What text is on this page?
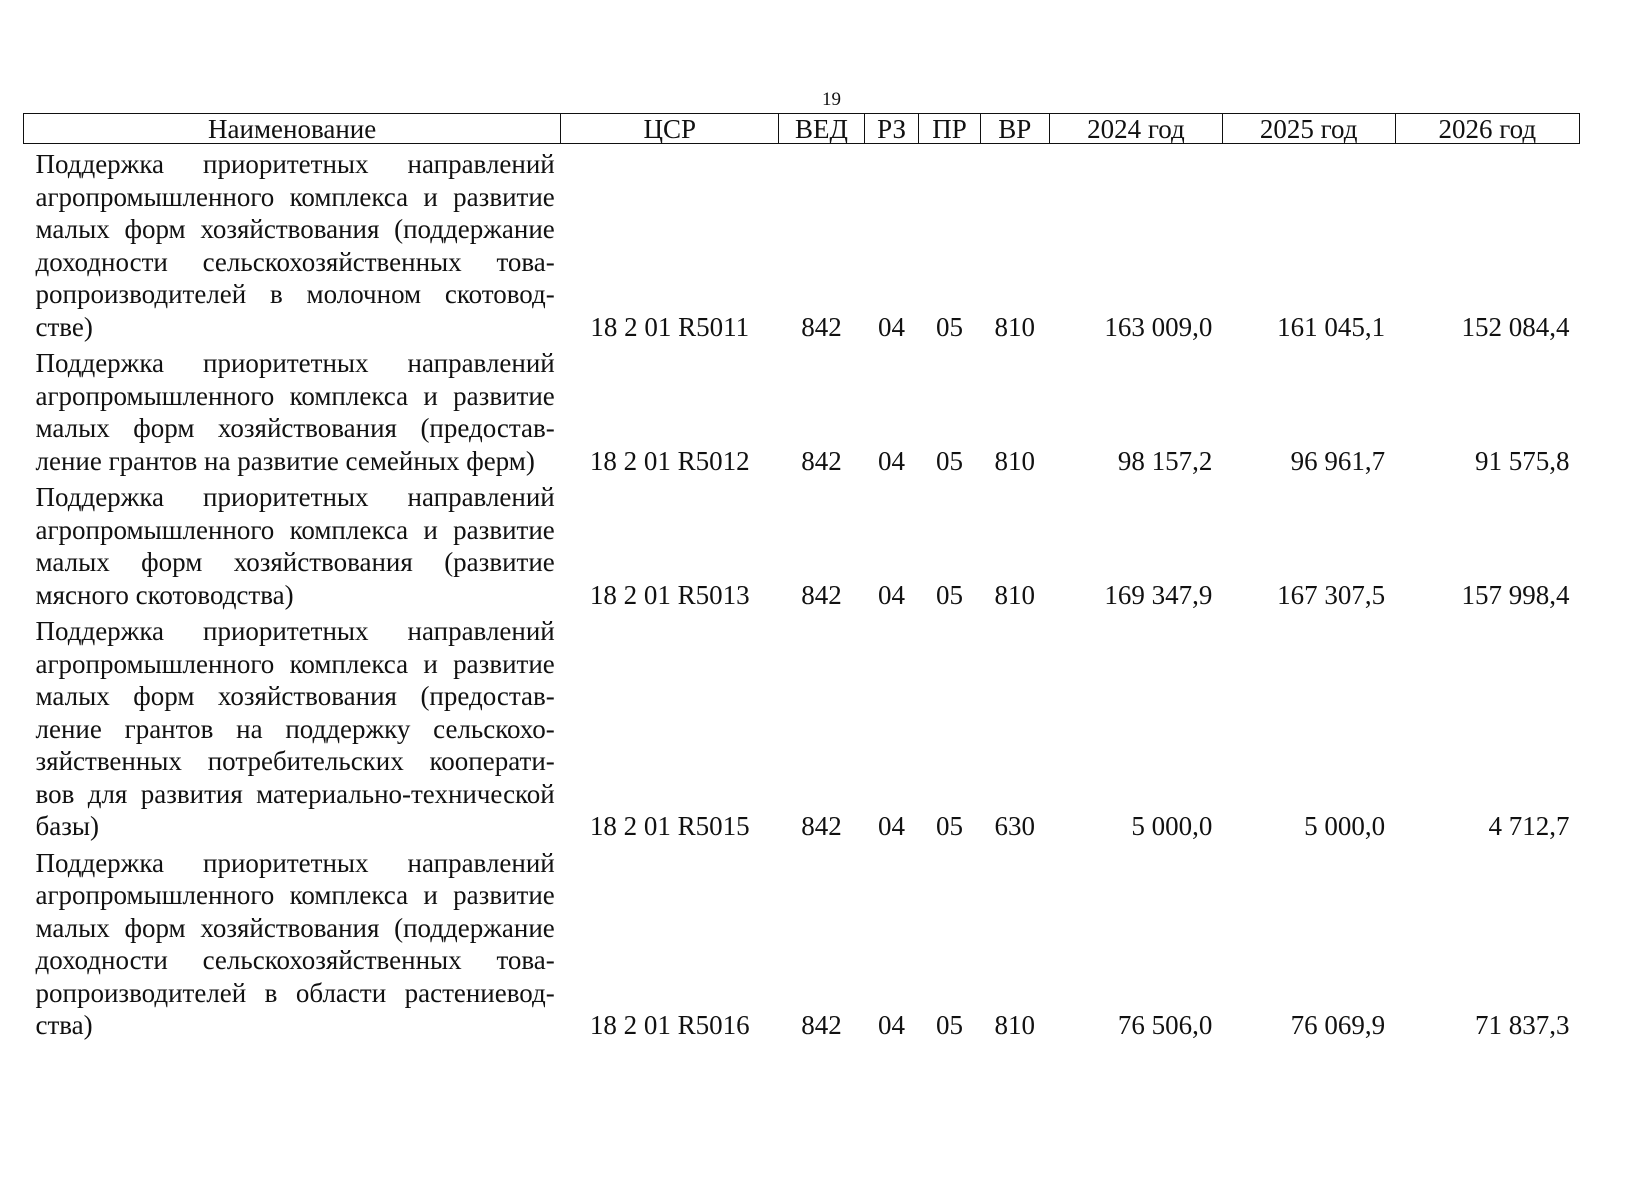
19
Наименование	ЦСР	ВЕД	РЗ	ПР	ВР	2024 год	2025 год	2026 год
Поддержка приоритетных направлений агропромышленного комплекса и развитие малых форм хозяйствования (поддержание доходности сельскохозяйственных това-ропроизводителей в молочном скотовод-стве)	18 2 01 R5011	842	04	05	810	163 009,0	161 045,1	152 084,4
Поддержка приоритетных направлений агропромышленного комплекса и развитие малых форм хозяйствования (предостав-ление грантов на развитие семейных ферм)	18 2 01 R5012	842	04	05	810	98 157,2	96 961,7	91 575,8
Поддержка приоритетных направлений агропромышленного комплекса и развитие малых форм хозяйствования (развитие мясного скотоводства)	18 2 01 R5013	842	04	05	810	169 347,9	167 307,5	157 998,4
Поддержка приоритетных направлений агропромышленного комплекса и развитие малых форм хозяйствования (предостав-ление грантов на поддержку сельскохо-зяйственных потребительских кооперати-вов для развития материально-технической базы)	18 2 01 R5015	842	04	05	630	5 000,0	5 000,0	4 712,7
Поддержка приоритетных направлений агропромышленного комплекса и развитие малых форм хозяйствования (поддержание доходности сельскохозяйственных това-ропроизводителей в области растениевод-ства)	18 2 01 R5016	842	04	05	810	76 506,0	76 069,9	71 837,3
